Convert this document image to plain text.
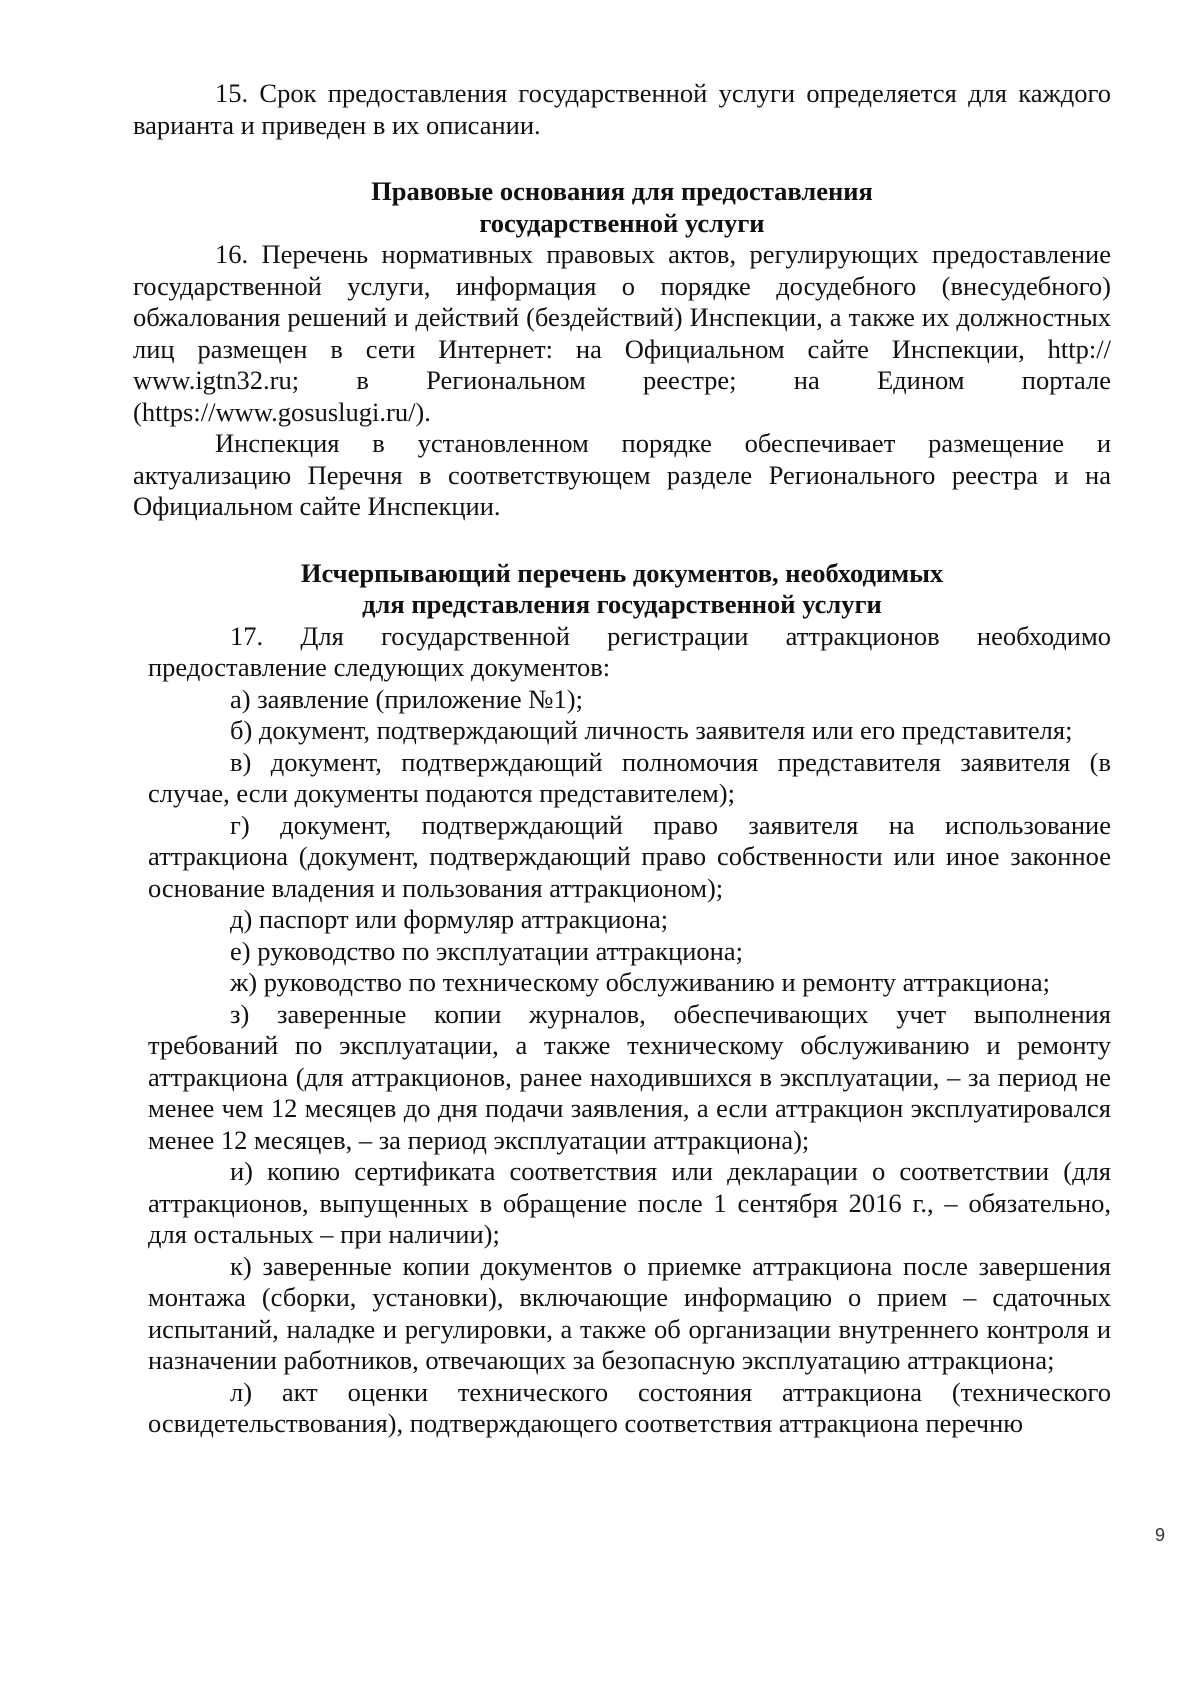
15. Срок предоставления государственной услуги определяется для каждого варианта и приведен в их описании.

Правовые основания для предоставления
государственной услуги

16. Перечень нормативных правовых актов, регулирующих предоставление государственной услуги, информация о порядке досудебного (внесудебного) обжалования решений и действий (бездействий) Инспекции, а также их должностных лиц размещен в сети Интернет: на Официальном сайте Инспекции, http:// www.igtn32.ru; в Региональном реестре; на Едином портале (https://www.gosuslugi.ru/).

Инспекция в установленном порядке обеспечивает размещение и актуализацию Перечня в соответствующем разделе Регионального реестра и на Официальном сайте Инспекции.

Исчерпывающий перечень документов, необходимых
для представления государственной услуги

17. Для государственной регистрации аттракционов необходимо предоставление следующих документов:

а) заявление (приложение №1);

б) документ, подтверждающий личность заявителя или его представителя;

в) документ, подтверждающий полномочия представителя заявителя (в случае, если документы подаются представителем);

г) документ, подтверждающий право заявителя на использование аттракциона (документ, подтверждающий право собственности или иное законное основание владения и пользования аттракционом);

д) паспорт или формуляр аттракциона;

е) руководство по эксплуатации аттракциона;

ж) руководство по техническому обслуживанию и ремонту аттракциона;

з) заверенные копии журналов, обеспечивающих учет выполнения требований по эксплуатации, а также техническому обслуживанию и ремонту аттракциона (для аттракционов, ранее находившихся в эксплуатации, – за период не менее чем 12 месяцев до дня подачи заявления, а если аттракцион эксплуатировался менее 12 месяцев, – за период эксплуатации аттракциона);

и) копию сертификата соответствия или декларации о соответствии (для аттракционов, выпущенных в обращение после 1 сентября 2016 г., – обязательно, для остальных – при наличии);

к) заверенные копии документов о приемке аттракциона после завершения монтажа (сборки, установки), включающие информацию о прием – сдаточных испытаний, наладке и регулировки, а также об организации внутреннего контроля и назначении работников, отвечающих за безопасную эксплуатацию аттракциона;

л) акт оценки технического состояния аттракциона (технического освидетельствования), подтверждающего соответствия аттракциона перечню

9
